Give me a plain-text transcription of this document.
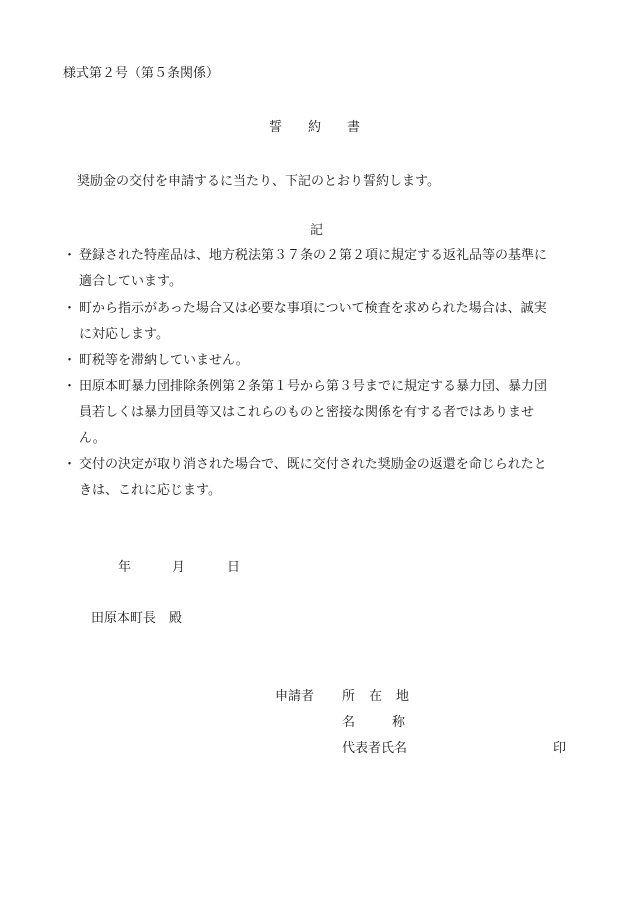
様式第２号（第５条関係）
誓 約 書
奨励金の交付を申請するに当たり、下記のとおり誓約します。
記
・ 登録された特産品は、地方税法第３７条の２第２項に規定する返礼品等の基準に
適合しています。
・ 町から指示があった場合又は必要な事項について検査を求められた場合は、誠実
に対応します。
・ 町税等を滞納していません。
・ 田原本町暴力団排除条例第２条第１号から第３号までに規定する暴力団、暴力団
員若しくは暴力団員等又はこれらのものと密接な関係を有する者ではありませ
ん。
・ 交付の決定が取り消された場合で、既に交付された奨励金の返還を命じられたと
きは、これに応じます。
年	月	日
田原本町長 殿
申請者 所 在 地
名	称
代表者氏名	印
